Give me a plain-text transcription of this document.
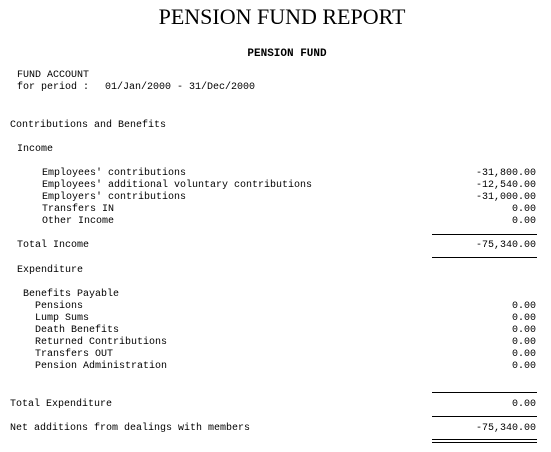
PENSION FUND REPORT
PENSION FUND
FUND ACCOUNT
for period : 01/Jan/2000 - 31/Dec/2000
Contributions and Benefits
Income
Employees' contributions	-31,800.00
Employees' additional voluntary contributions	-12,540.00
Employers' contributions	-31,000.00
Transfers IN	0.00
Other Income	0.00
Total Income	-75,340.00
Expenditure
Benefits Payable
Pensions	0.00
Lump Sums	0.00
Death Benefits	0.00
Returned Contributions	0.00
Transfers OUT	0.00
Pension Administration	0.00
Total Expenditure	0.00
Net additions from dealings with members	-75,340.00
